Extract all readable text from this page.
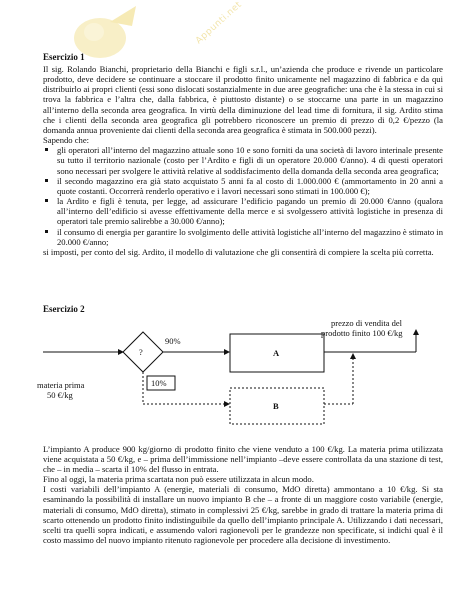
Appunti.net

Esercizio 1

Il sig. Rolando Bianchi, proprietario della Bianchi e figli s.r.l., un’azienda che produce e rivende un particolare prodotto, deve decidere se continuare a stoccare il prodotto finito unicamente nel magazzino di fabbrica e da qui distribuirlo ai propri clienti (essi sono dislocati sostanzialmente in due aree geografiche: una che è la stessa in cui si trova la fabbrica e l’altra che, dalla fabbrica, è piuttosto distante) o se stoccarne una parte in un magazzino all’interno della seconda area geografica. In virtù della diminuzione del lead time di fornitura, il sig. Ardito stima che i clienti della seconda area geografica gli potrebbero riconoscere un premio di prezzo di 0,2 €/pezzo (la domanda annua proveniente dai clienti della seconda area geografica è stimata in 500.000 pezzi).

Sapendo che:

gli operatori all’interno del magazzino attuale sono 10 e sono forniti da una società di lavoro interinale presente su tutto il territorio nazionale (costo per l’Ardito e figli di un operatore 20.000 €/anno). 4 di questi operatori sono necessari per svolgere le attività relative al soddisfacimento della domanda della seconda area geografica;
il secondo magazzino era già stato acquistato 5 anni fa al costo di 1.000.000 € (ammortamento in 20 anni a quote costanti. Occorrerà renderlo operativo e i lavori necessari sono stimati in 100.000 €);
la Ardito e figli è tenuta, per legge, ad assicurare l’edificio pagando un premio di 20.000 €/anno (qualora all’interno dell’edificio si avesse effettivamente della merce e si svolgessero attività logistiche in presenza di operatori tale premio salirebbe a 30.000 €/anno);
il consumo di energia per garantire lo svolgimento delle attività logistiche all’interno del magazzino è stimato in 20.000 €/anno;

si imposti, per conto del sig. Ardito, il modello di valutazione che gli consentirà di compiere la scelta più corretta.

Esercizio 2

?
90%
10%
A
B
materia prima
50 €/kg
prezzo di vendita del
prodotto finito 100 €/kg

L’impianto A produce 900 kg/giorno di prodotto finito che viene venduto a 100 €/kg. La materia prima utilizzata viene acquistata a 50 €/kg, e – prima dell’immissione nell’impianto –deve essere controllata da una stazione di test, che – in media – scarta il 10% del flusso in entrata.

Fino al oggi, la materia prima scartata non può essere utilizzata in alcun modo.

I costi variabili dell’impianto A (energie, materiali di consumo, MdO diretta) ammontano a 10 €/kg. Si sta esaminando la possibilità di installare un nuovo impianto B che – a fronte di un maggiore costo variabile (energie, materiali di consumo, MdO diretta), stimato in complessivi 25 €/kg, sarebbe in grado di trattare la materia prima di scarto ottenendo un prodotto finito indistinguibile da quello dell’impianto principale A. Utilizzando i dati necessari, scelti tra quelli sopra indicati, e assumendo valori ragionevoli per le grandezze non specificate, si indichi qual è il costo massimo del nuovo impianto ritenuto ragionevole per procedere alla decisione di investimento.
